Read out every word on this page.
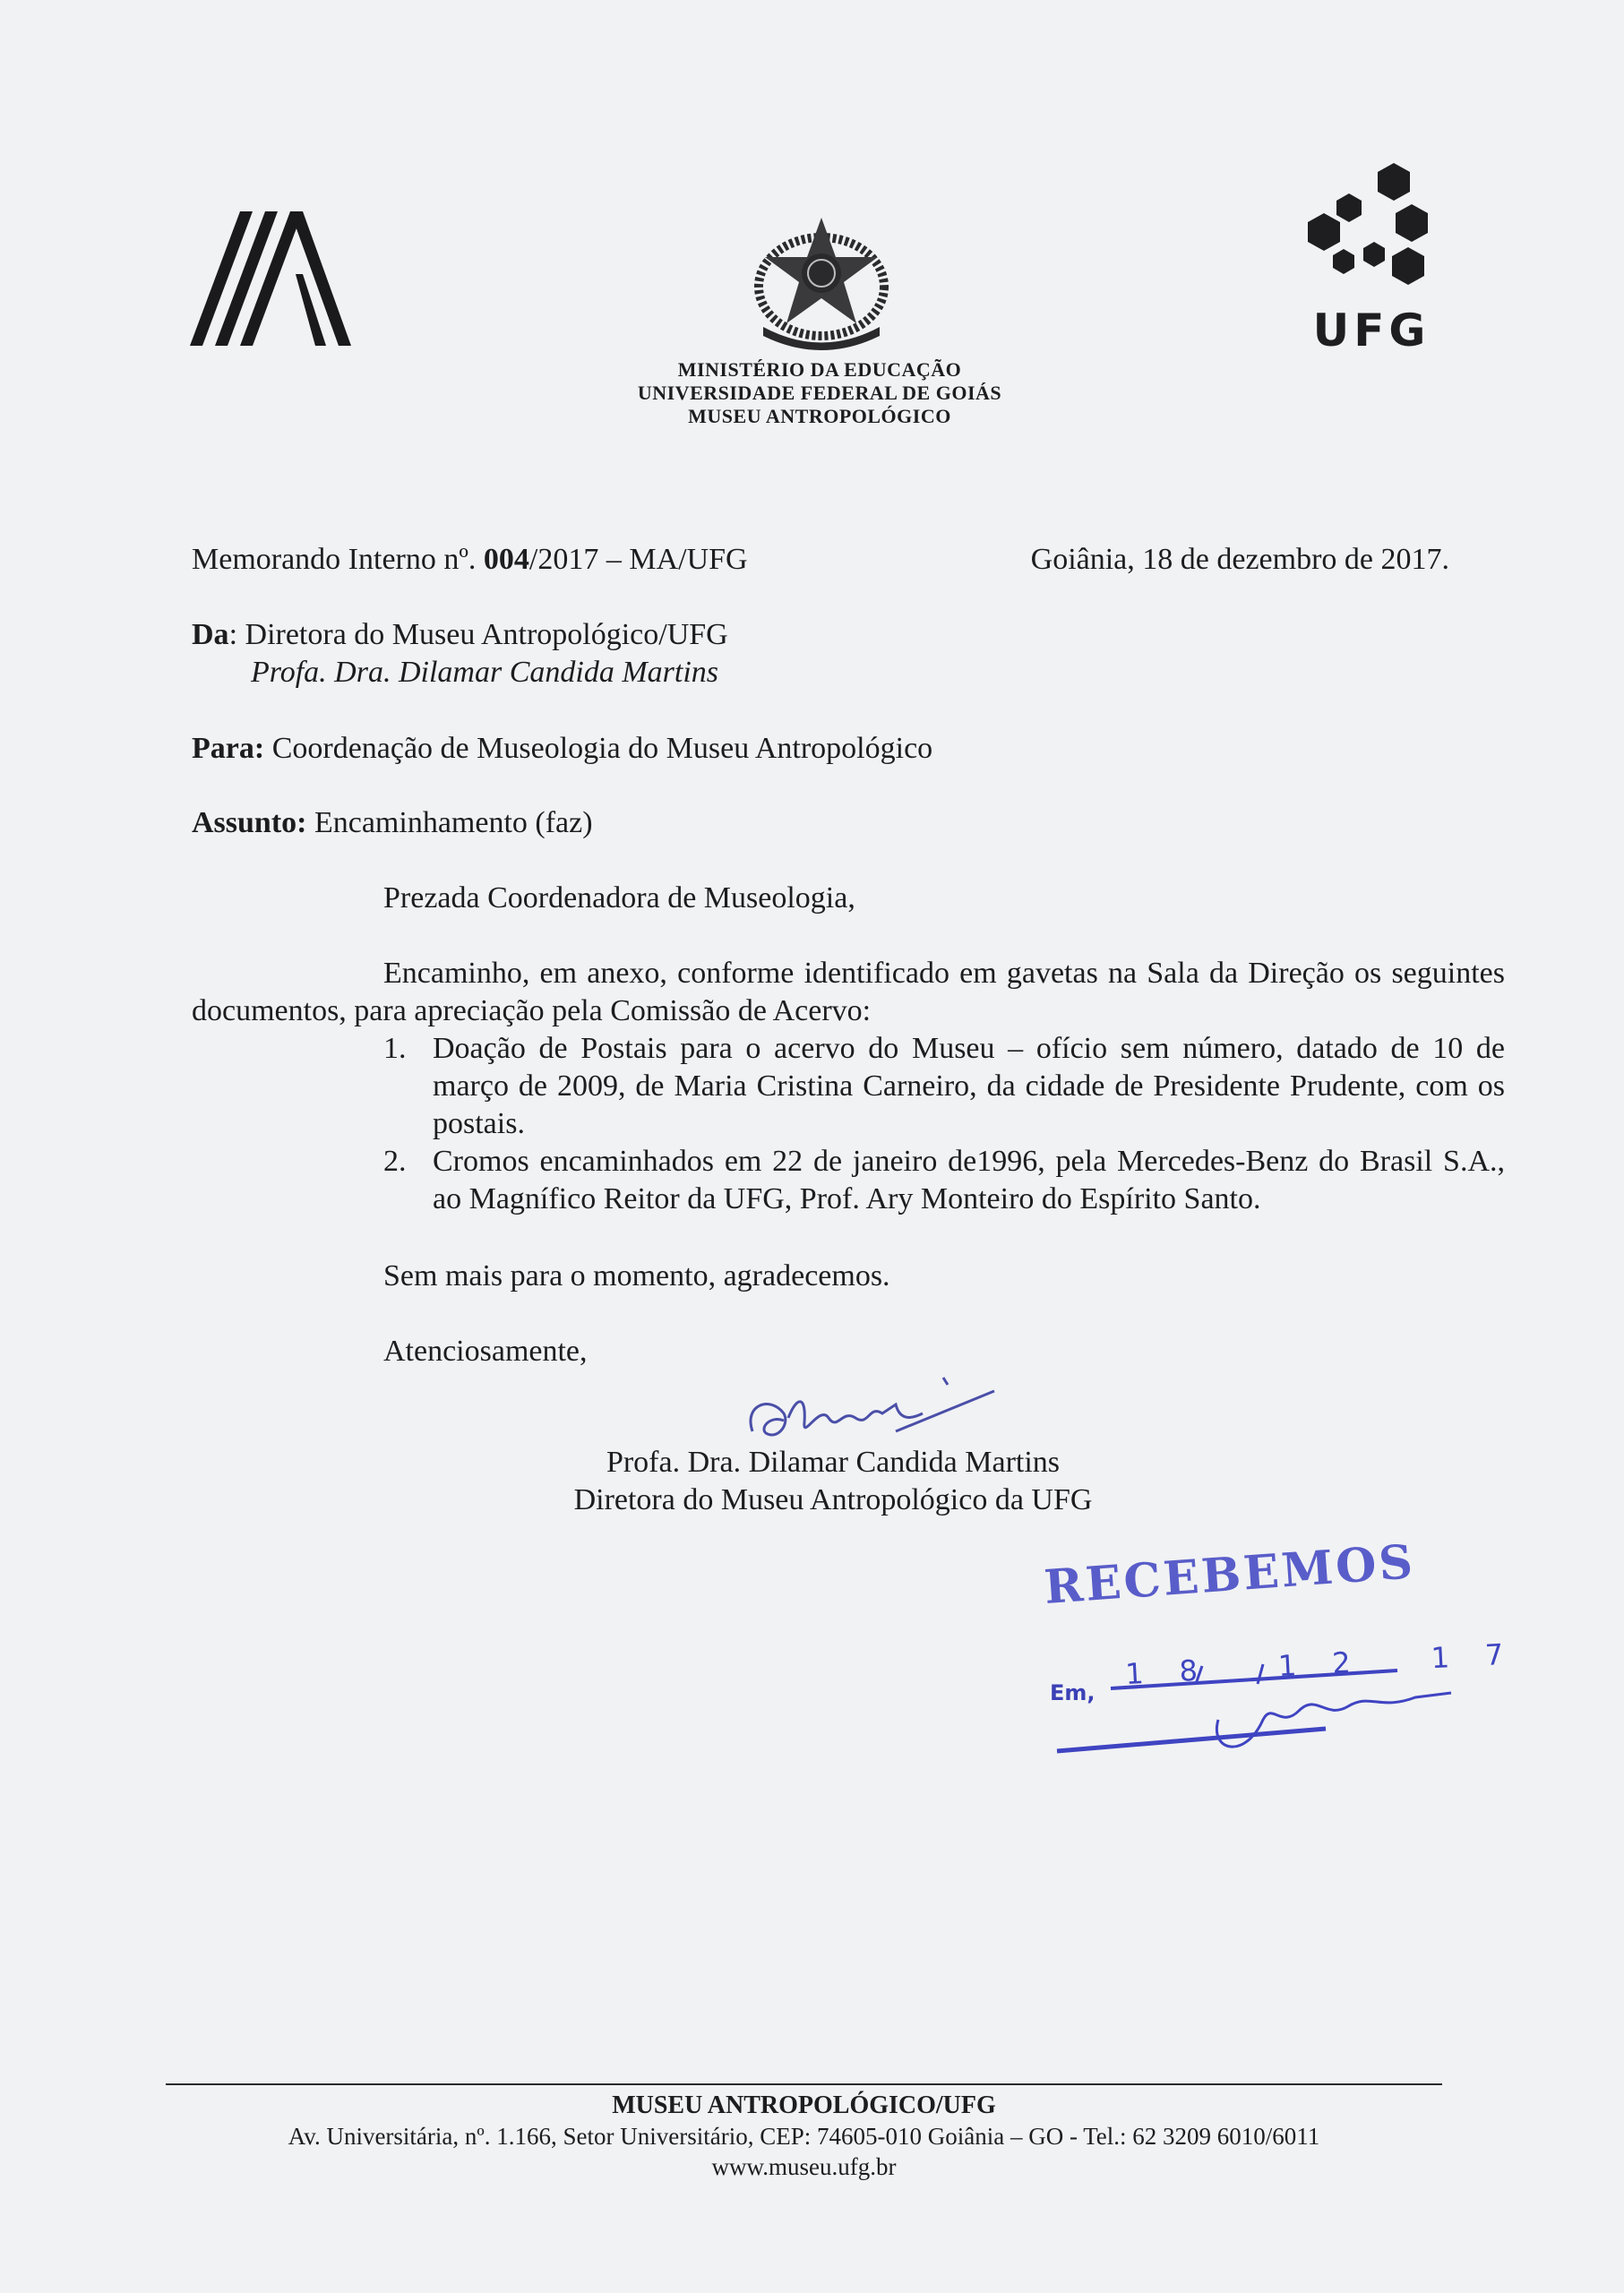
UFG
MINISTÉRIO DA EDUCAÇÃO
UNIVERSIDADE FEDERAL DE GOIÁS
MUSEU ANTROPOLÓGICO
Memorando Interno nº. 004/2017 – MA/UFG	Goiânia, 18 de dezembro de 2017.
Da: Diretora do Museu Antropológico/UFG
Profa. Dra. Dilamar Candida Martins
Para: Coordenação de Museologia do Museu Antropológico
Assunto: Encaminhamento (faz)
Prezada Coordenadora de Museologia,
Encaminho, em anexo, conforme identificado em gavetas na Sala da Direção os seguintes documentos, para apreciação pela Comissão de Acervo:
1. Doação de Postais para o acervo do Museu – ofício sem número, datado de 10 de março de 2009, de Maria Cristina Carneiro, da cidade de Presidente Prudente, com os postais.
2. Cromos encaminhados em 22 de janeiro de1996, pela Mercedes-Benz do Brasil S.A., ao Magnífico Reitor da UFG, Prof. Ary Monteiro do Espírito Santo.
Sem mais para o momento, agradecemos.
Atenciosamente,
Profa. Dra. Dilamar Candida Martins
Diretora do Museu Antropológico da UFG
RECEBEMOS
18 12 17
Em,
MUSEU ANTROPOLÓGICO/UFG
Av. Universitária, nº. 1.166, Setor Universitário, CEP: 74605-010 Goiânia – GO - Tel.: 62 3209 6010/6011
www.museu.ufg.br
